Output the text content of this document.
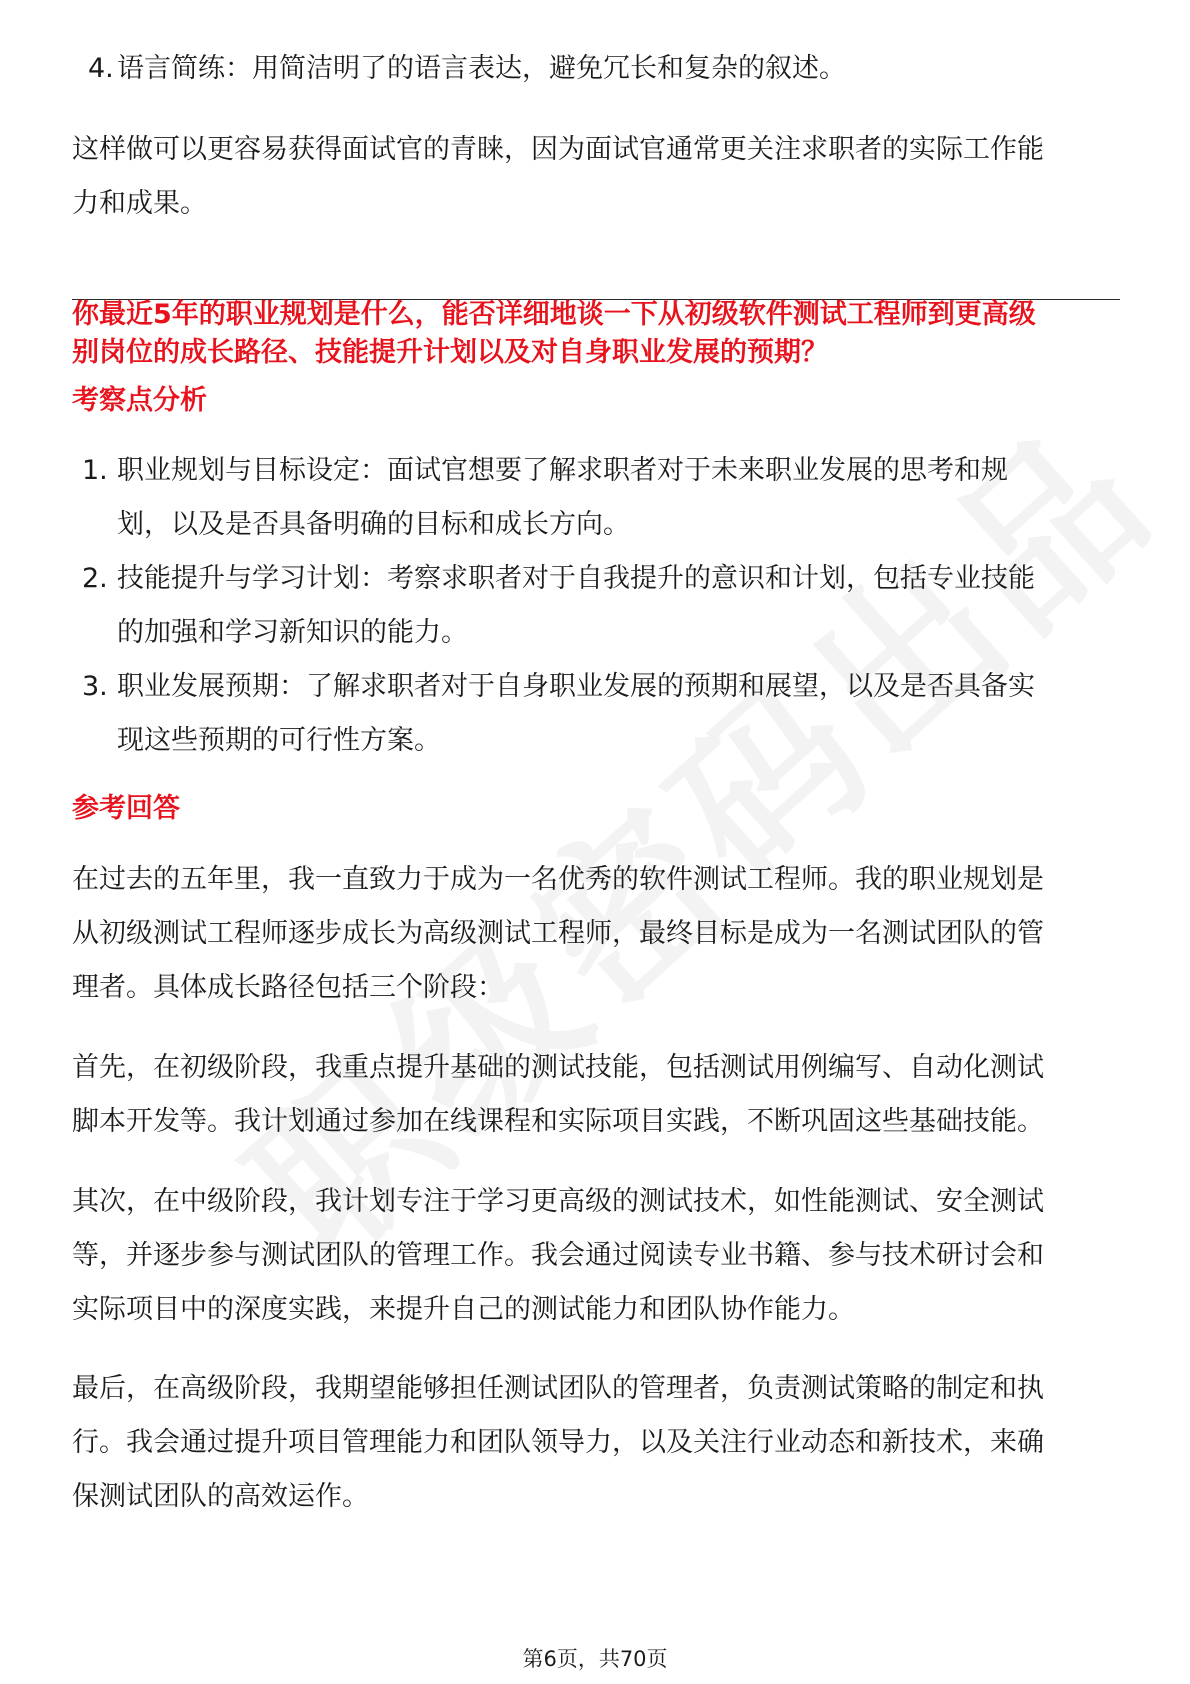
4. 语言简练：用简洁明了的语言表达，避免冗长和复杂的叙述。

这样做可以更容易获得面试官的青睐，因为面试官通常更关注求职者的实际工作能

力和成果。

你最近5年的职业规划是什么，能否详细地谈一下从初级软件测试工程师到更高级

别岗位的成长路径、技能提升计划以及对自身职业发展的预期？

考察点分析

1. 职业规划与目标设定：面试官想要了解求职者对于未来职业发展的思考和规
划，以及是否具备明确的目标和成长方向。
2. 技能提升与学习计划：考察求职者对于自我提升的意识和计划，包括专业技能
的加强和学习新知识的能力。
3. 职业发展预期：了解求职者对于自身职业发展的预期和展望，以及是否具备实
现这些预期的可行性方案。

参考回答

在过去的五年里，我一直致力于成为一名优秀的软件测试工程师。我的职业规划是

从初级测试工程师逐步成长为高级测试工程师，最终目标是成为一名测试团队的管

理者。具体成长路径包括三个阶段：

首先，在初级阶段，我重点提升基础的测试技能，包括测试用例编写、自动化测试

脚本开发等。我计划通过参加在线课程和实际项目实践，不断巩固这些基础技能。

其次，在中级阶段，我计划专注于学习更高级的测试技术，如性能测试、安全测试

等，并逐步参与测试团队的管理工作。我会通过阅读专业书籍、参与技术研讨会和

实际项目中的深度实践，来提升自己的测试能力和团队协作能力。

最后，在高级阶段，我期望能够担任测试团队的管理者，负责测试策略的制定和执

行。我会通过提升项目管理能力和团队领导力，以及关注行业动态和新技术，来确

保测试团队的高效运作。

第6页，共70页
